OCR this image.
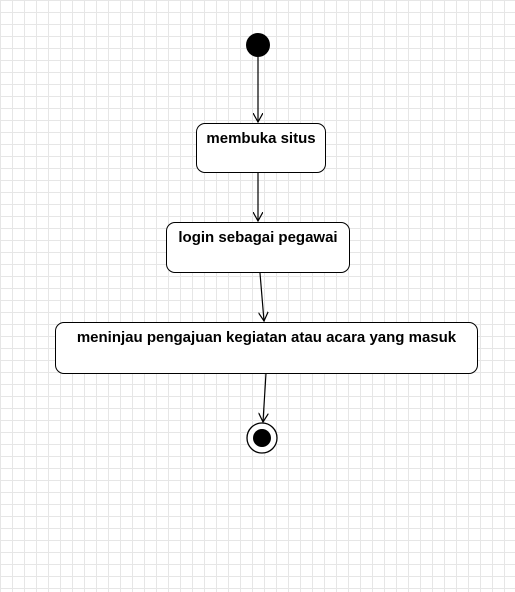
membuka situs
login sebagai pegawai
meninjau pengajuan kegiatan atau acara yang masuk
